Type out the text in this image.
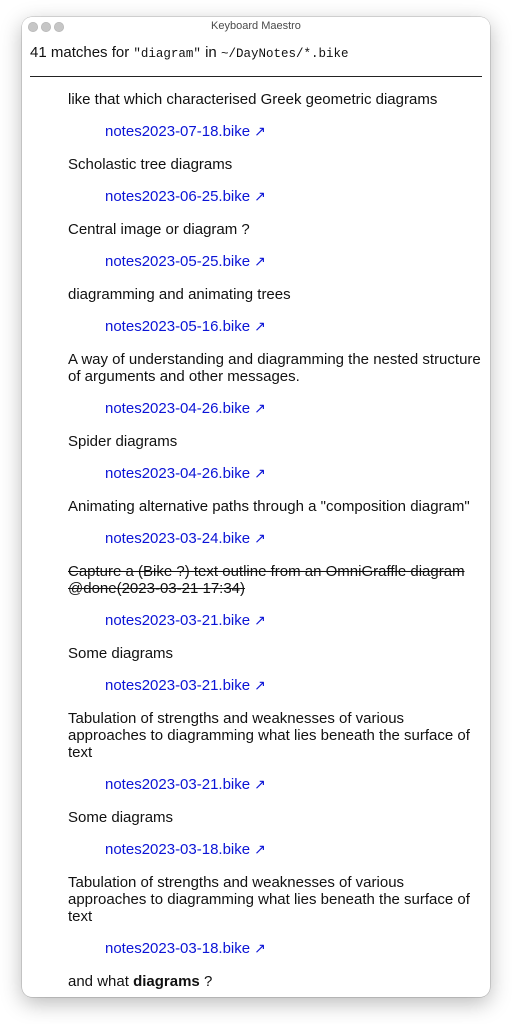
Keyboard Maestro
41 matches for "diagram" in ~/DayNotes/*.bike
like that which characterised Greek geometric diagrams
notes2023-07-18.bike ↗
Scholastic tree diagrams
notes2023-06-25.bike ↗
Central image or diagram ?
notes2023-05-25.bike ↗
diagramming and animating trees
notes2023-05-16.bike ↗
A way of understanding and diagramming the nested structure of arguments and other messages.
notes2023-04-26.bike ↗
Spider diagrams
notes2023-04-26.bike ↗
Animating alternative paths through a "composition diagram"
notes2023-03-24.bike ↗
Capture a (Bike ?) text outline from an OmniGraffle diagram @done(2023-03-21 17:34)
notes2023-03-21.bike ↗
Some diagrams
notes2023-03-21.bike ↗
Tabulation of strengths and weaknesses of various approaches to diagramming what lies beneath the surface of text
notes2023-03-21.bike ↗
Some diagrams
notes2023-03-18.bike ↗
Tabulation of strengths and weaknesses of various approaches to diagramming what lies beneath the surface of text
notes2023-03-18.bike ↗
and what diagrams ?
